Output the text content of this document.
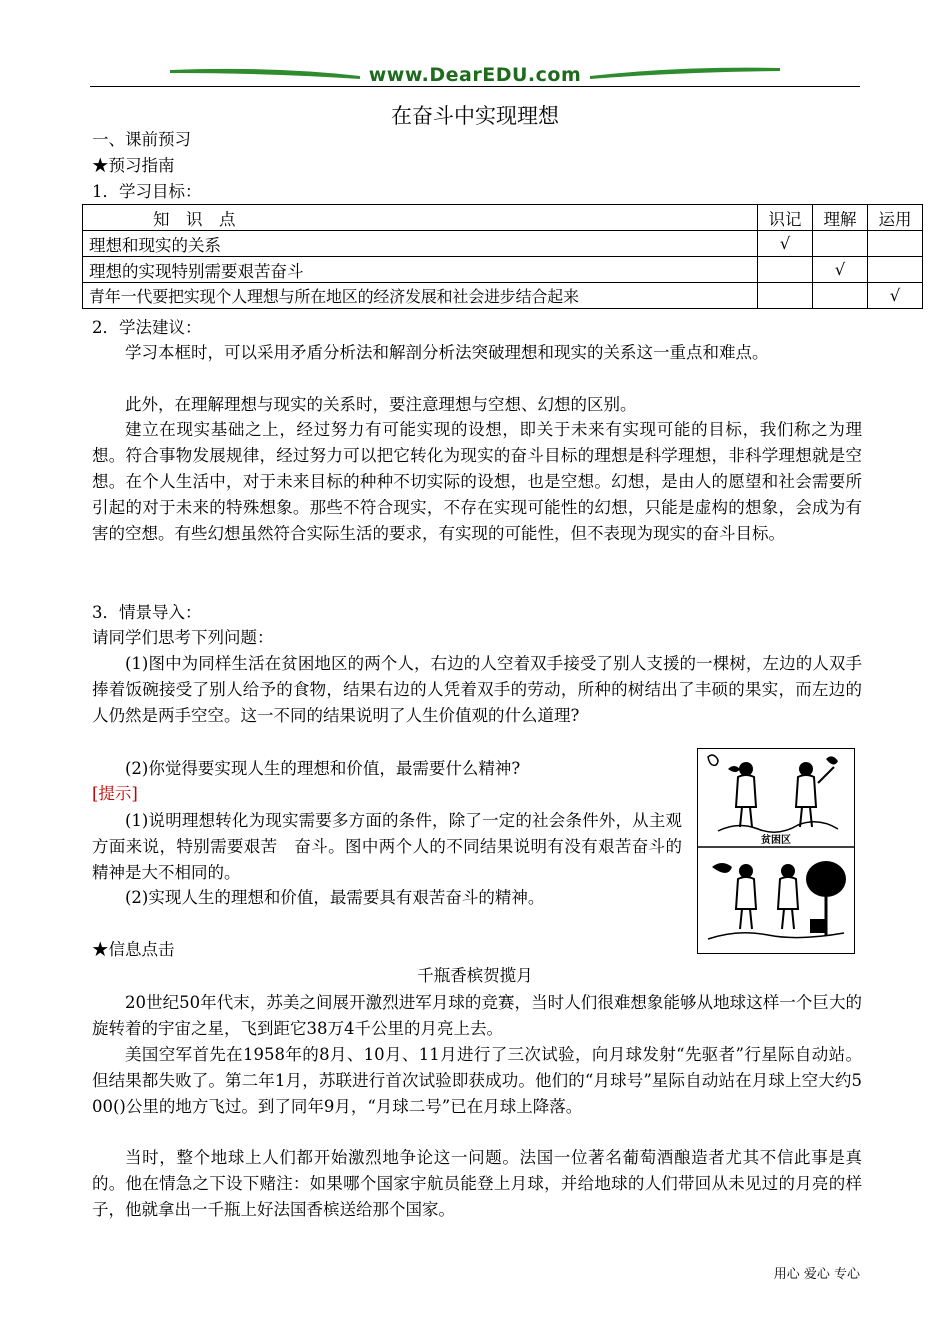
www.DearEDU.com
在奋斗中实现理想
一、课前预习
★预习指南
1．学习目标：
知　识　点	识记	理解	运用
理想和现实的关系	√		
理想的实现特别需要艰苦奋斗		√	
青年一代要把实现个人理想与所在地区的经济发展和社会进步结合起来			√
2．学法建议：
学习本框时，可以采用矛盾分析法和解剖分析法突破理想和现实的关系这一重点和难点。
此外，在理解理想与现实的关系时，要注意理想与空想、幻想的区别。
建立在现实基础之上，经过努力有可能实现的设想，即关于未来有实现可能的目标，我们称之为理想。符合事物发展规律，经过努力可以把它转化为现实的奋斗目标的理想是科学理想，非科学理想就是空想。在个人生活中，对于未来目标的种种不切实际的设想，也是空想。幻想，是由人的愿望和社会需要所引起的对于未来的特殊想象。那些不符合现实，不存在实现可能性的幻想，只能是虚构的想象，会成为有害的空想。有些幻想虽然符合实际生活的要求，有实现的可能性，但不表现为现实的奋斗目标。
3．情景导入：
请同学们思考下列问题：
(1)图中为同样生活在贫困地区的两个人，右边的人空着双手接受了别人支援的一棵树，左边的人双手捧着饭碗接受了别人给予的食物，结果右边的人凭着双手的劳动，所种的树结出了丰硕的果实，而左边的人仍然是两手空空。这一不同的结果说明了人生价值观的什么道理?
(2)你觉得要实现人生的理想和价值，最需要什么精神?
[提示]
(1)说明理想转化为现实需要多方面的条件，除了一定的社会条件外，从主观方面来说，特别需要艰苦　奋斗。图中两个人的不同结果说明有没有艰苦奋斗的精神是大不相同的。
(2)实现人生的理想和价值，最需要具有艰苦奋斗的精神。
贫困区
★信息点击
千瓶香槟贺揽月
20世纪50年代末，苏美之间展开激烈进军月球的竞赛，当时人们很难想象能够从地球这样一个巨大的旋转着的宇宙之星，飞到距它38万4千公里的月亮上去。
美国空军首先在1958年的8月、10月、11月进行了三次试验，向月球发射“先驱者”行星际自动站。但结果都失败了。第二年1月，苏联进行首次试验即获成功。他们的“月球号”星际自动站在月球上空大约5 00()公里的地方飞过。到了同年9月，“月球二号”已在月球上降落。
当时，整个地球上人们都开始激烈地争论这一问题。法国一位著名葡萄酒酿造者尤其不信此事是真的。他在情急之下设下赌注：如果哪个国家宇航员能登上月球，并给地球的人们带回从未见过的月亮的样子，他就拿出一千瓶上好法国香槟送给那个国家。
用心 爱心 专心
